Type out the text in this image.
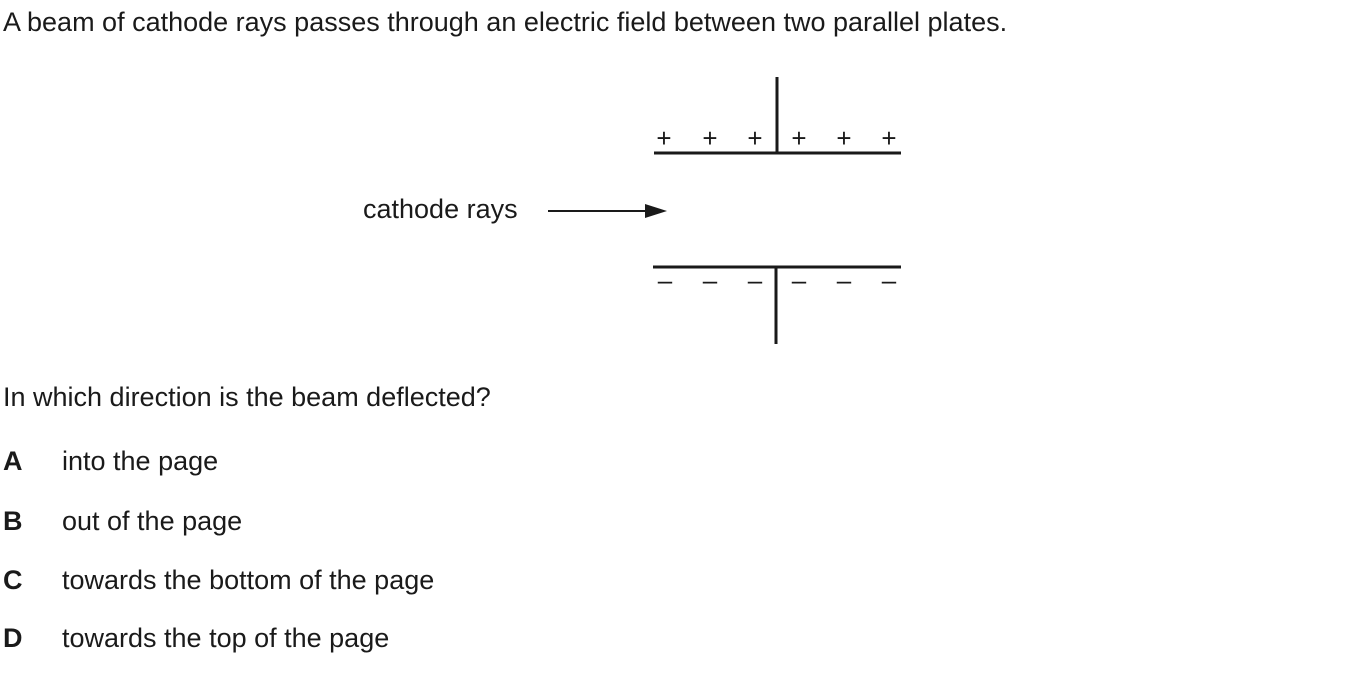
A beam of cathode rays passes through an electric field between two parallel plates.

+ + + + + +
– – – – – –
cathode rays

In which direction is the beam deflected?

A into the page
B out of the page
C towards the bottom of the page
D towards the top of the page
